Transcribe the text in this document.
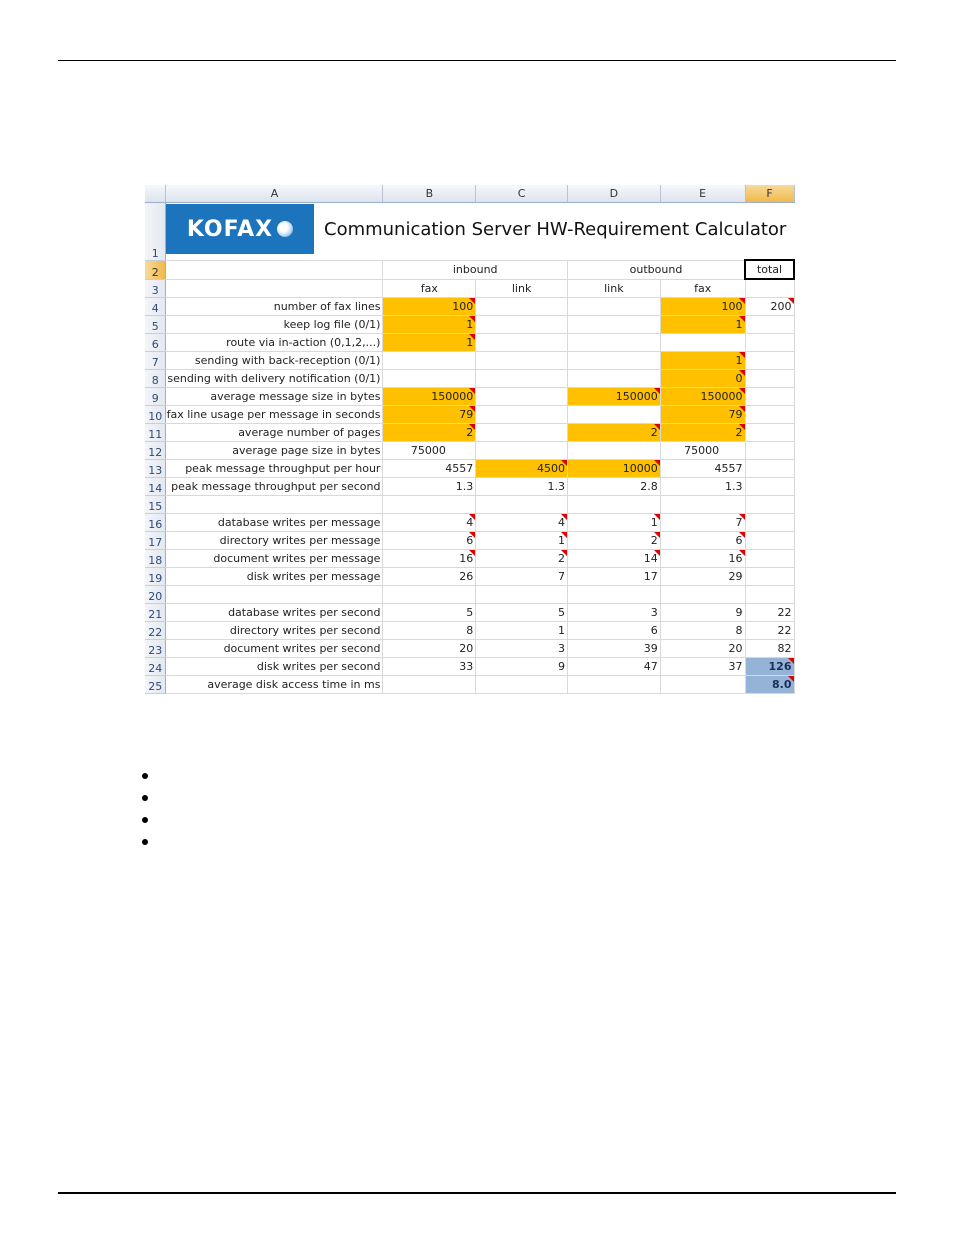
	A	B	C	D	E	F
1						
2		inbound		outbound		total
3		fax	link	link	fax	
4	number of fax lines	100			100	200
5	keep log file (0/1)	1			1	
6	route via in-action (0,1,2,...)	1				
7	sending with back-reception (0/1)				1	
8	sending with delivery notification (0/1)				0	
9	average message size in bytes	150000		150000	150000	
10	fax line usage per message in seconds	79			79	
11	average number of pages	2		2	2	
12	average page size in bytes	75000			75000	
13	peak message throughput per hour	4557	4500	10000	4557	
14	peak message throughput per second	1.3	1.3	2.8	1.3	
15						
16	database writes per message	4	4	1	7	
17	directory writes per message	6	1	2	6	
18	document writes per message	16	2	14	16	
19	disk writes per message	26	7	17	29	
20						
21	database writes per second	5	5	3	9	22
22	directory writes per second	8	1	6	8	22
23	document writes per second	20	3	39	20	82
24	disk writes per second	33	9	47	37	126
25	average disk access time in ms					8.0
KOFAX	Communication Server HW-Requirement Calculator
